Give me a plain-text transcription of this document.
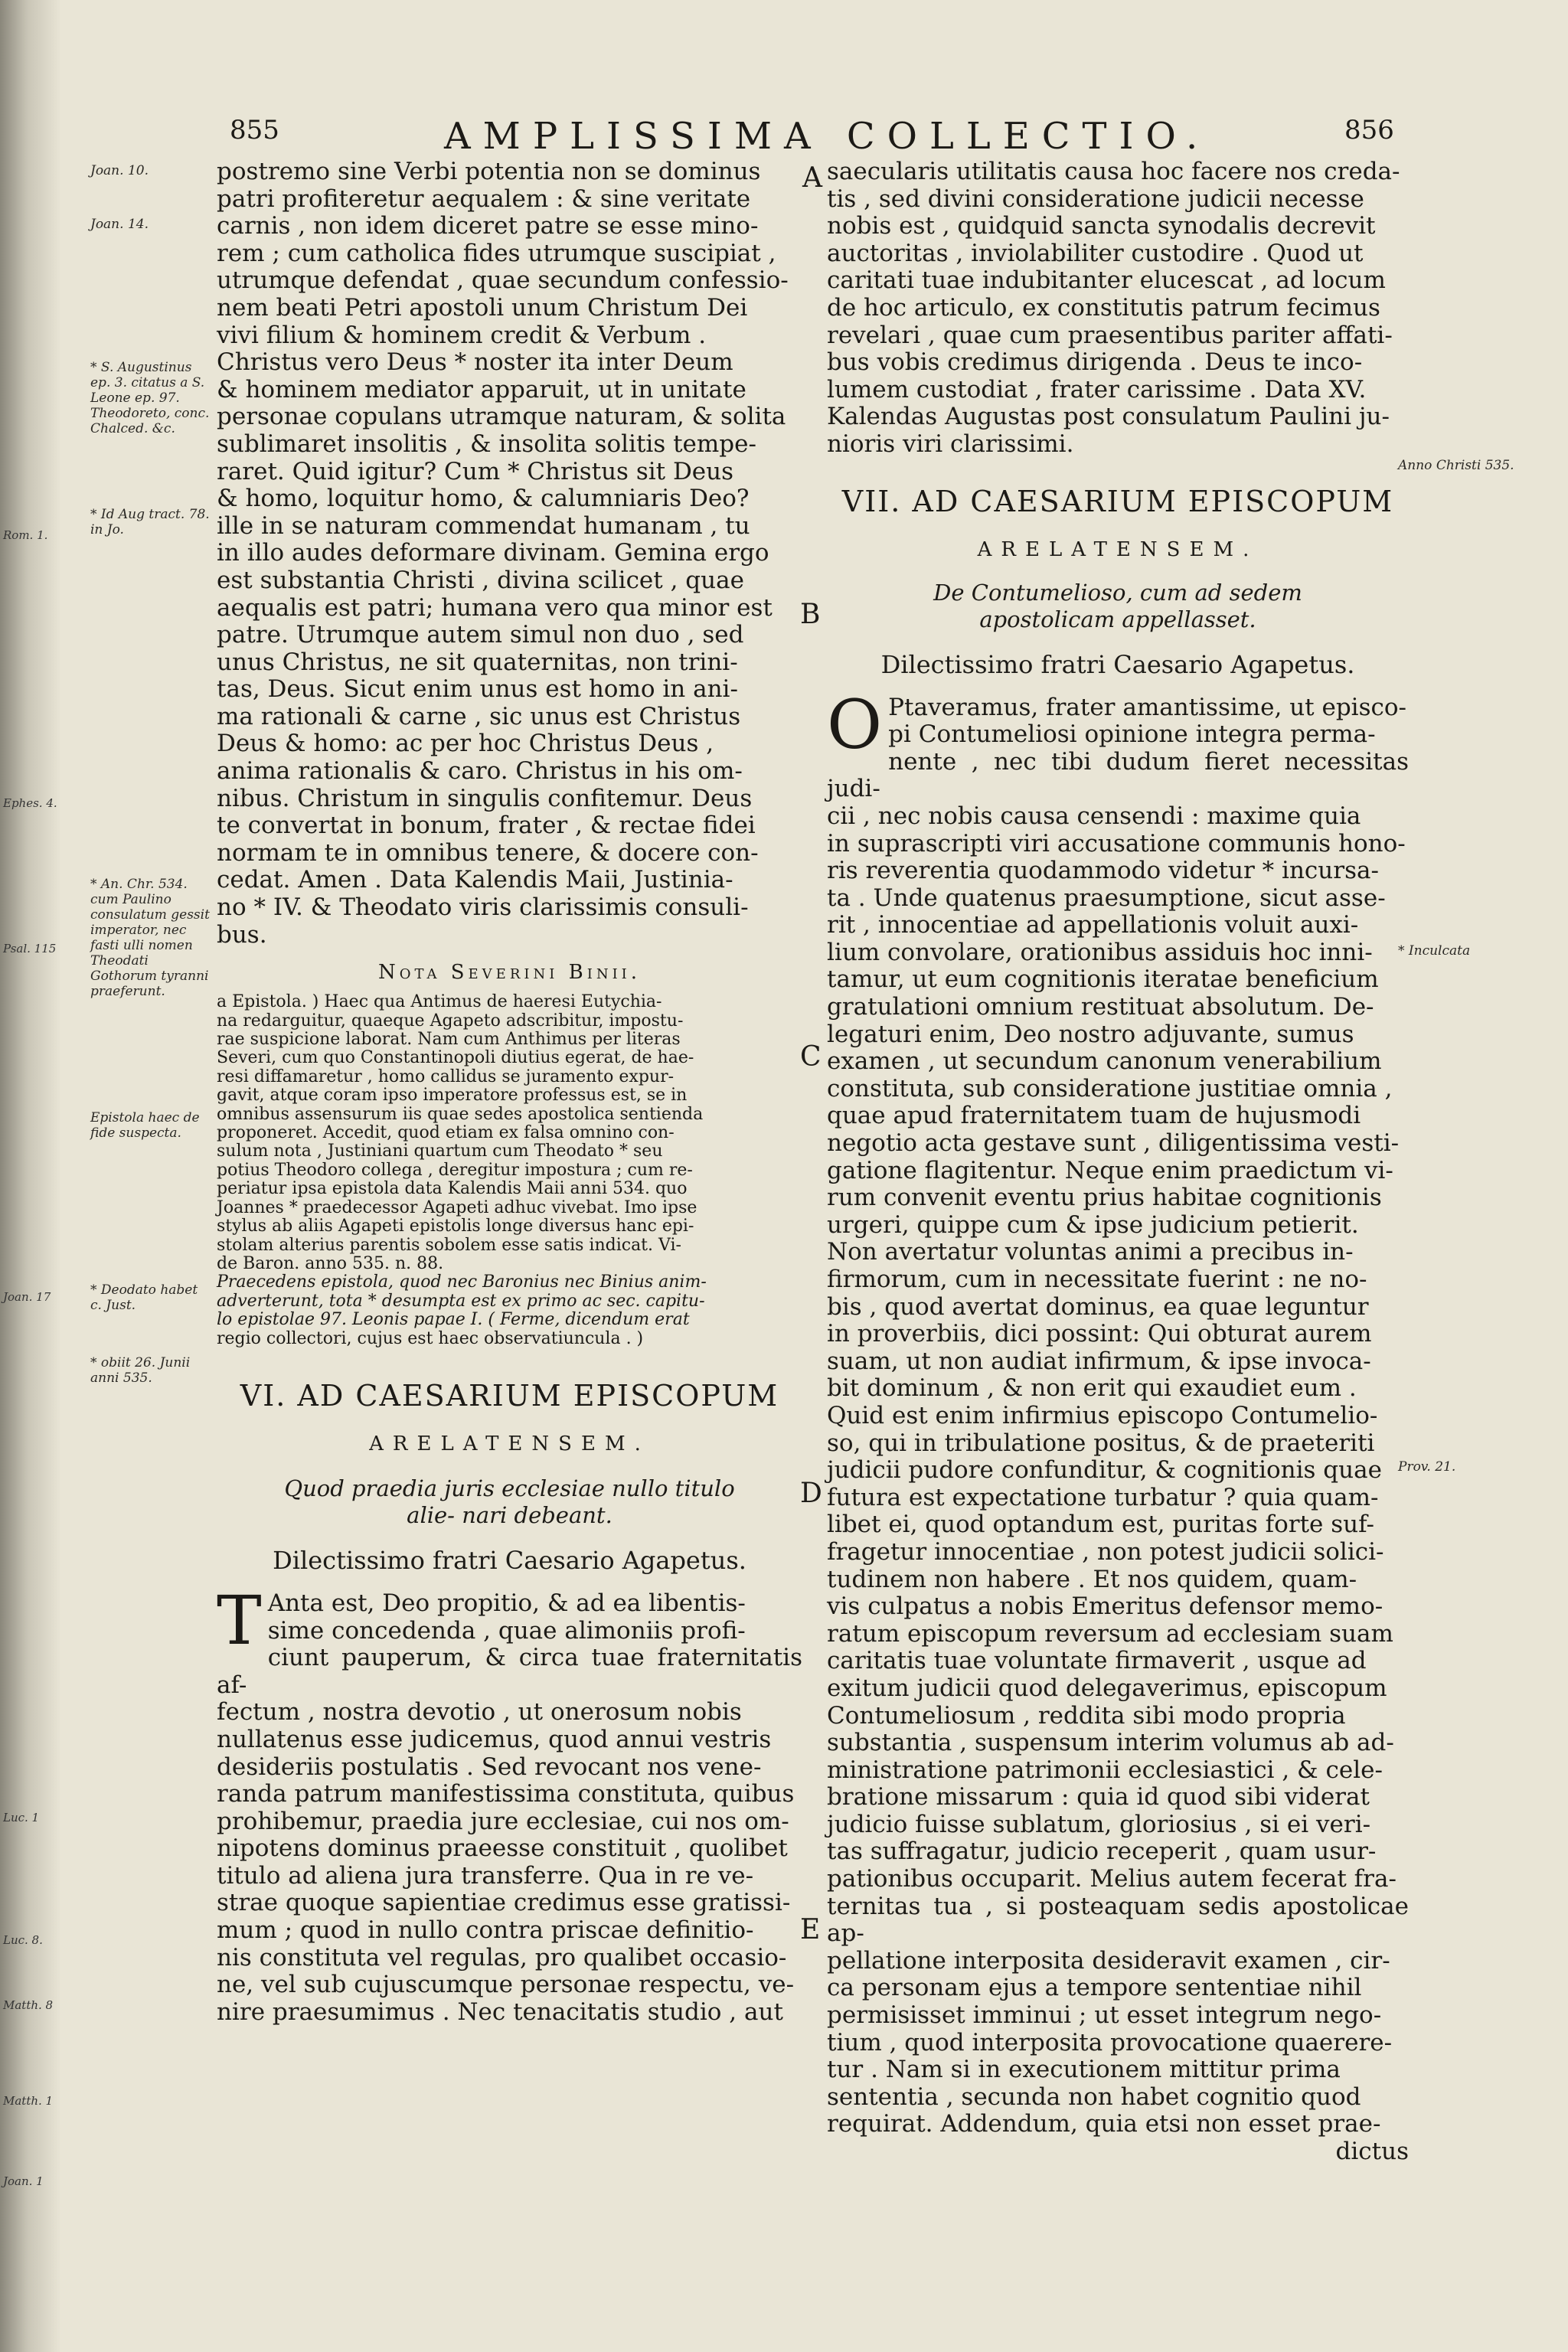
Rom. 1.
Ephes. 4.
Psal. 115
Joan. 17
Luc. 1
Luc. 8.
Matth. 8
Matth. 1
Joan. 1
855	AMPLISSIMA COLLECTIO.	856
A
B
C
D
E
Joan. 10.
Joan. 14.
* S. Augustinus ep. 3. citatus a S. Leone ep. 97. Theodoreto, conc. Chalced. &c.
* Id Aug tract. 78. in Jo.
* An. Chr. 534. cum Paulino consulatum gessit imperator, nec fasti ulli nomen Theodati Gothorum tyranni praeferunt.
Epistola haec de fide suspecta.
* Deodato habet c. Just.
* obiit 26. Junii anni 535.
Anno Christi 535.
* Inculcata
Prov. 21.

postremo sine Verbi potentia non se dominus

patri profiteretur aequalem : & sine veritate

carnis , non idem diceret patre se esse mino-

rem ; cum catholica fides utrumque suscipiat ,

utrumque defendat , quae secundum confessio-

nem beati Petri apostoli unum Christum Dei

vivi filium & hominem credit & Verbum .

Christus vero Deus * noster ita inter Deum

& hominem mediator apparuit, ut in unitate

personae copulans utramque naturam, & solita

sublimaret insolitis , & insolita solitis tempe-

raret. Quid igitur? Cum * Christus sit Deus

& homo, loquitur homo, & calumniaris Deo?

ille in se naturam commendat humanam , tu

in illo audes deformare divinam. Gemina ergo

est substantia Christi , divina scilicet , quae

aequalis est patri; humana vero qua minor est

patre. Utrumque autem simul non duo , sed

unus Christus, ne sit quaternitas, non trini-

tas, Deus. Sicut enim unus est homo in ani-

ma rationali & carne , sic unus est Christus

Deus & homo: ac per hoc Christus Deus ,

anima rationalis & caro. Christus in his om-

nibus. Christum in singulis confitemur. Deus

te convertat in bonum, frater , & rectae fidei

normam te in omnibus tenere, & docere con-

cedat. Amen . Data Kalendis Maii, Justinia-

no * IV. & Theodato viris clarissimis consuli-

bus.

Nota Severini Binii.

a Epistola. ) Haec qua Antimus de haeresi Eutychia-

na redarguitur, quaeque Agapeto adscribitur, impostu-

rae suspicione laborat. Nam cum Anthimus per literas

Severi, cum quo Constantinopoli diutius egerat, de hae-

resi diffamaretur , homo callidus se juramento expur-

gavit, atque coram ipso imperatore professus est, se in

omnibus assensurum iis quae sedes apostolica sentienda

proponeret. Accedit, quod etiam ex falsa omnino con-

sulum nota , Justiniani quartum cum Theodato * seu

potius Theodoro collega , deregitur impostura ; cum re-

periatur ipsa epistola data Kalendis Maii anni 534. quo

Joannes * praedecessor Agapeti adhuc vivebat. Imo ipse

stylus ab aliis Agapeti epistolis longe diversus hanc epi-

stolam alterius parentis sobolem esse satis indicat. Vi-

de Baron. anno 535. n. 88.

Praecedens epistola, quod nec Baronius nec Binius anim-

adverterunt, tota * desumpta est ex primo ac sec. capitu-

lo epistolae 97. Leonis papae I. ( Ferme, dicendum erat

regio collectori, cujus est haec observatiuncula . )

VI. AD CAESARIUM EPISCOPUM

ARELATENSEM.

Quod praedia juris ecclesiae nullo titulo alie- nari debeant.

Dilectissimo fratri Caesario Agapetus.

T Anta est, Deo propitio, & ad ea libentis-

sime concedenda , quae alimoniis profi-

ciunt pauperum, & circa tuae fraternitatis af-

fectum , nostra devotio , ut onerosum nobis

nullatenus esse judicemus, quod annui vestris

desideriis postulatis . Sed revocant nos vene-

randa patrum manifestissima constituta, quibus

prohibemur, praedia jure ecclesiae, cui nos om-

nipotens dominus praeesse constituit , quolibet

titulo ad aliena jura transferre. Qua in re ve-

strae quoque sapientiae credimus esse gratissi-

mum ; quod in nullo contra priscae definitio-

nis constituta vel regulas, pro qualibet occasio-

ne, vel sub cujuscumque personae respectu, ve-

nire praesumimus . Nec tenacitatis studio , aut

saecularis utilitatis causa hoc facere nos creda-

tis , sed divini consideratione judicii necesse

nobis est , quidquid sancta synodalis decrevit

auctoritas , inviolabiliter custodire . Quod ut

caritati tuae indubitanter elucescat , ad locum

de hoc articulo, ex constitutis patrum fecimus

revelari , quae cum praesentibus pariter affati-

bus vobis credimus dirigenda . Deus te inco-

lumem custodiat , frater carissime . Data XV.

Kalendas Augustas post consulatum Paulini ju-

nioris viri clarissimi.

VII. AD CAESARIUM EPISCOPUM

ARELATENSEM.

De Contumelioso, cum ad sedem apostolicam appellasset.

Dilectissimo fratri Caesario Agapetus.

O Ptaveramus, frater amantissime, ut episco-

pi Contumeliosi opinione integra perma-

nente , nec tibi dudum fieret necessitas judi-

cii , nec nobis causa censendi : maxime quia

in suprascripti viri accusatione communis hono-

ris reverentia quodammodo videtur * incursa-

ta . Unde quatenus praesumptione, sicut asse-

rit , innocentiae ad appellationis voluit auxi-

lium convolare, orationibus assiduis hoc inni-

tamur, ut eum cognitionis iteratae beneficium

gratulationi omnium restituat absolutum. De-

legaturi enim, Deo nostro adjuvante, sumus

examen , ut secundum canonum venerabilium

constituta, sub consideratione justitiae omnia ,

quae apud fraternitatem tuam de hujusmodi

negotio acta gestave sunt , diligentissima vesti-

gatione flagitentur. Neque enim praedictum vi-

rum convenit eventu prius habitae cognitionis

urgeri, quippe cum & ipse judicium petierit.

Non avertatur voluntas animi a precibus in-

firmorum, cum in necessitate fuerint : ne no-

bis , quod avertat dominus, ea quae leguntur

in proverbiis, dici possint: Qui obturat aurem

suam, ut non audiat infirmum, & ipse invoca-

bit dominum , & non erit qui exaudiet eum .

Quid est enim infirmius episcopo Contumelio-

so, qui in tribulatione positus, & de praeteriti

judicii pudore confunditur, & cognitionis quae

futura est expectatione turbatur ? quia quam-

libet ei, quod optandum est, puritas forte suf-

fragetur innocentiae , non potest judicii solici-

tudinem non habere . Et nos quidem, quam-

vis culpatus a nobis Emeritus defensor memo-

ratum episcopum reversum ad ecclesiam suam

caritatis tuae voluntate firmaverit , usque ad

exitum judicii quod delegaverimus, episcopum

Contumeliosum , reddita sibi modo propria

substantia , suspensum interim volumus ab ad-

ministratione patrimonii ecclesiastici , & cele-

bratione missarum : quia id quod sibi viderat

judicio fuisse sublatum, gloriosius , si ei veri-

tas suffragatur, judicio receperit , quam usur-

pationibus occuparit. Melius autem fecerat fra-

ternitas tua , si posteaquam sedis apostolicae ap-

pellatione interposita desideravit examen , cir-

ca personam ejus a tempore sententiae nihil

permisisset imminui ; ut esset integrum nego-

tium , quod interposita provocatione quaerere-

tur . Nam si in executionem mittitur prima

sententia , secunda non habet cognitio quod

requirat. Addendum, quia etsi non esset prae-

dictus
